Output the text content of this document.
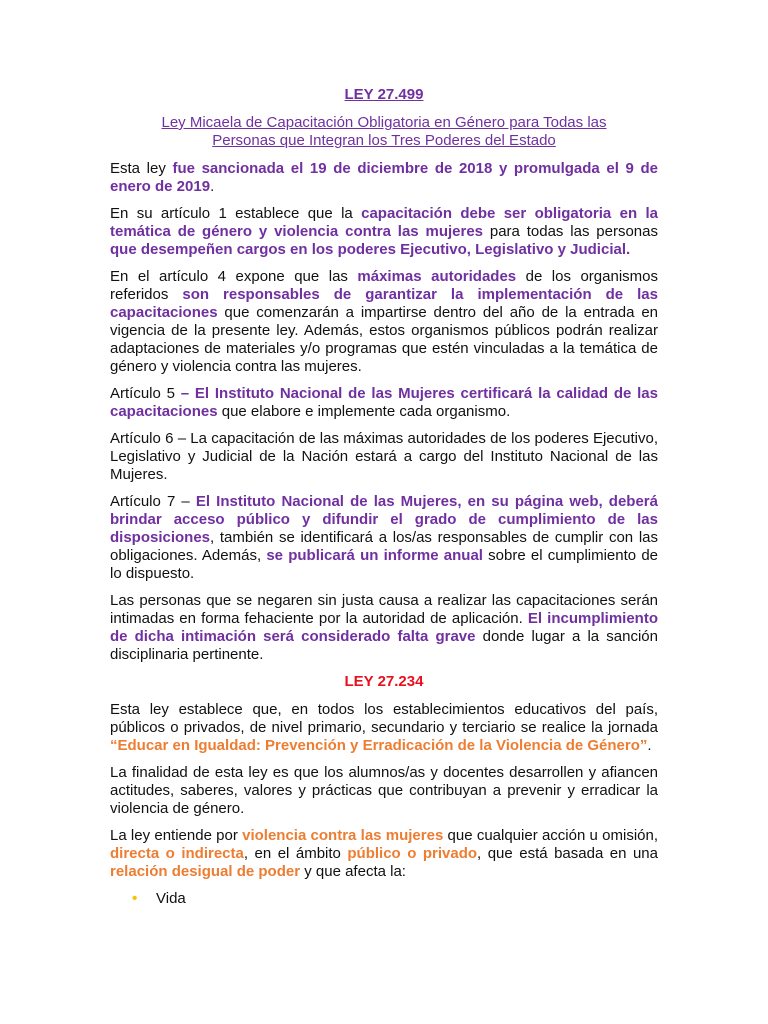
LEY 27.499
Ley Micaela de Capacitación Obligatoria en Género para Todas las
Personas que Integran los Tres Poderes del Estado

Esta ley fue sancionada el 19 de diciembre de 2018 y promulgada el 9 de enero de 2019.

En su artículo 1 establece que la capacitación debe ser obligatoria en la temática de género y violencia contra las mujeres para todas las personas que desempeñen cargos en los poderes Ejecutivo, Legislativo y Judicial.

En el artículo 4 expone que las máximas autoridades de los organismos referidos son responsables de garantizar la implementación de las capacitaciones que comenzarán a impartirse dentro del año de la entrada en vigencia de la presente ley. Además, estos organismos públicos podrán realizar adaptaciones de materiales y/o programas que estén vinculadas a la temática de género y violencia contra las mujeres.

Artículo 5 – El Instituto Nacional de las Mujeres certificará la calidad de las capacitaciones que elabore e implemente cada organismo.

Artículo 6 – La capacitación de las máximas autoridades de los poderes Ejecutivo, Legislativo y Judicial de la Nación estará a cargo del Instituto Nacional de las Mujeres.

Artículo 7 – El Instituto Nacional de las Mujeres, en su página web, deberá brindar acceso público y difundir el grado de cumplimiento de las disposiciones, también se identificará a los/as responsables de cumplir con las obligaciones. Además, se publicará un informe anual sobre el cumplimiento de lo dispuesto.

Las personas que se negaren sin justa causa a realizar las capacitaciones serán intimadas en forma fehaciente por la autoridad de aplicación. El incumplimiento de dicha intimación será considerado falta grave donde lugar a la sanción disciplinaria pertinente.

LEY 27.234

Esta ley establece que, en todos los establecimientos educativos del país, públicos o privados, de nivel primario, secundario y terciario se realice la jornada “Educar en Igualdad: Prevención y Erradicación de la Violencia de Género”.

La finalidad de esta ley es que los alumnos/as y docentes desarrollen y afiancen actitudes, saberes, valores y prácticas que contribuyan a prevenir y erradicar la violencia de género.

La ley entiende por violencia contra las mujeres que cualquier acción u omisión, directa o indirecta, en el ámbito público o privado, que está basada en una relación desigual de poder y que afecta la:

• Vida
